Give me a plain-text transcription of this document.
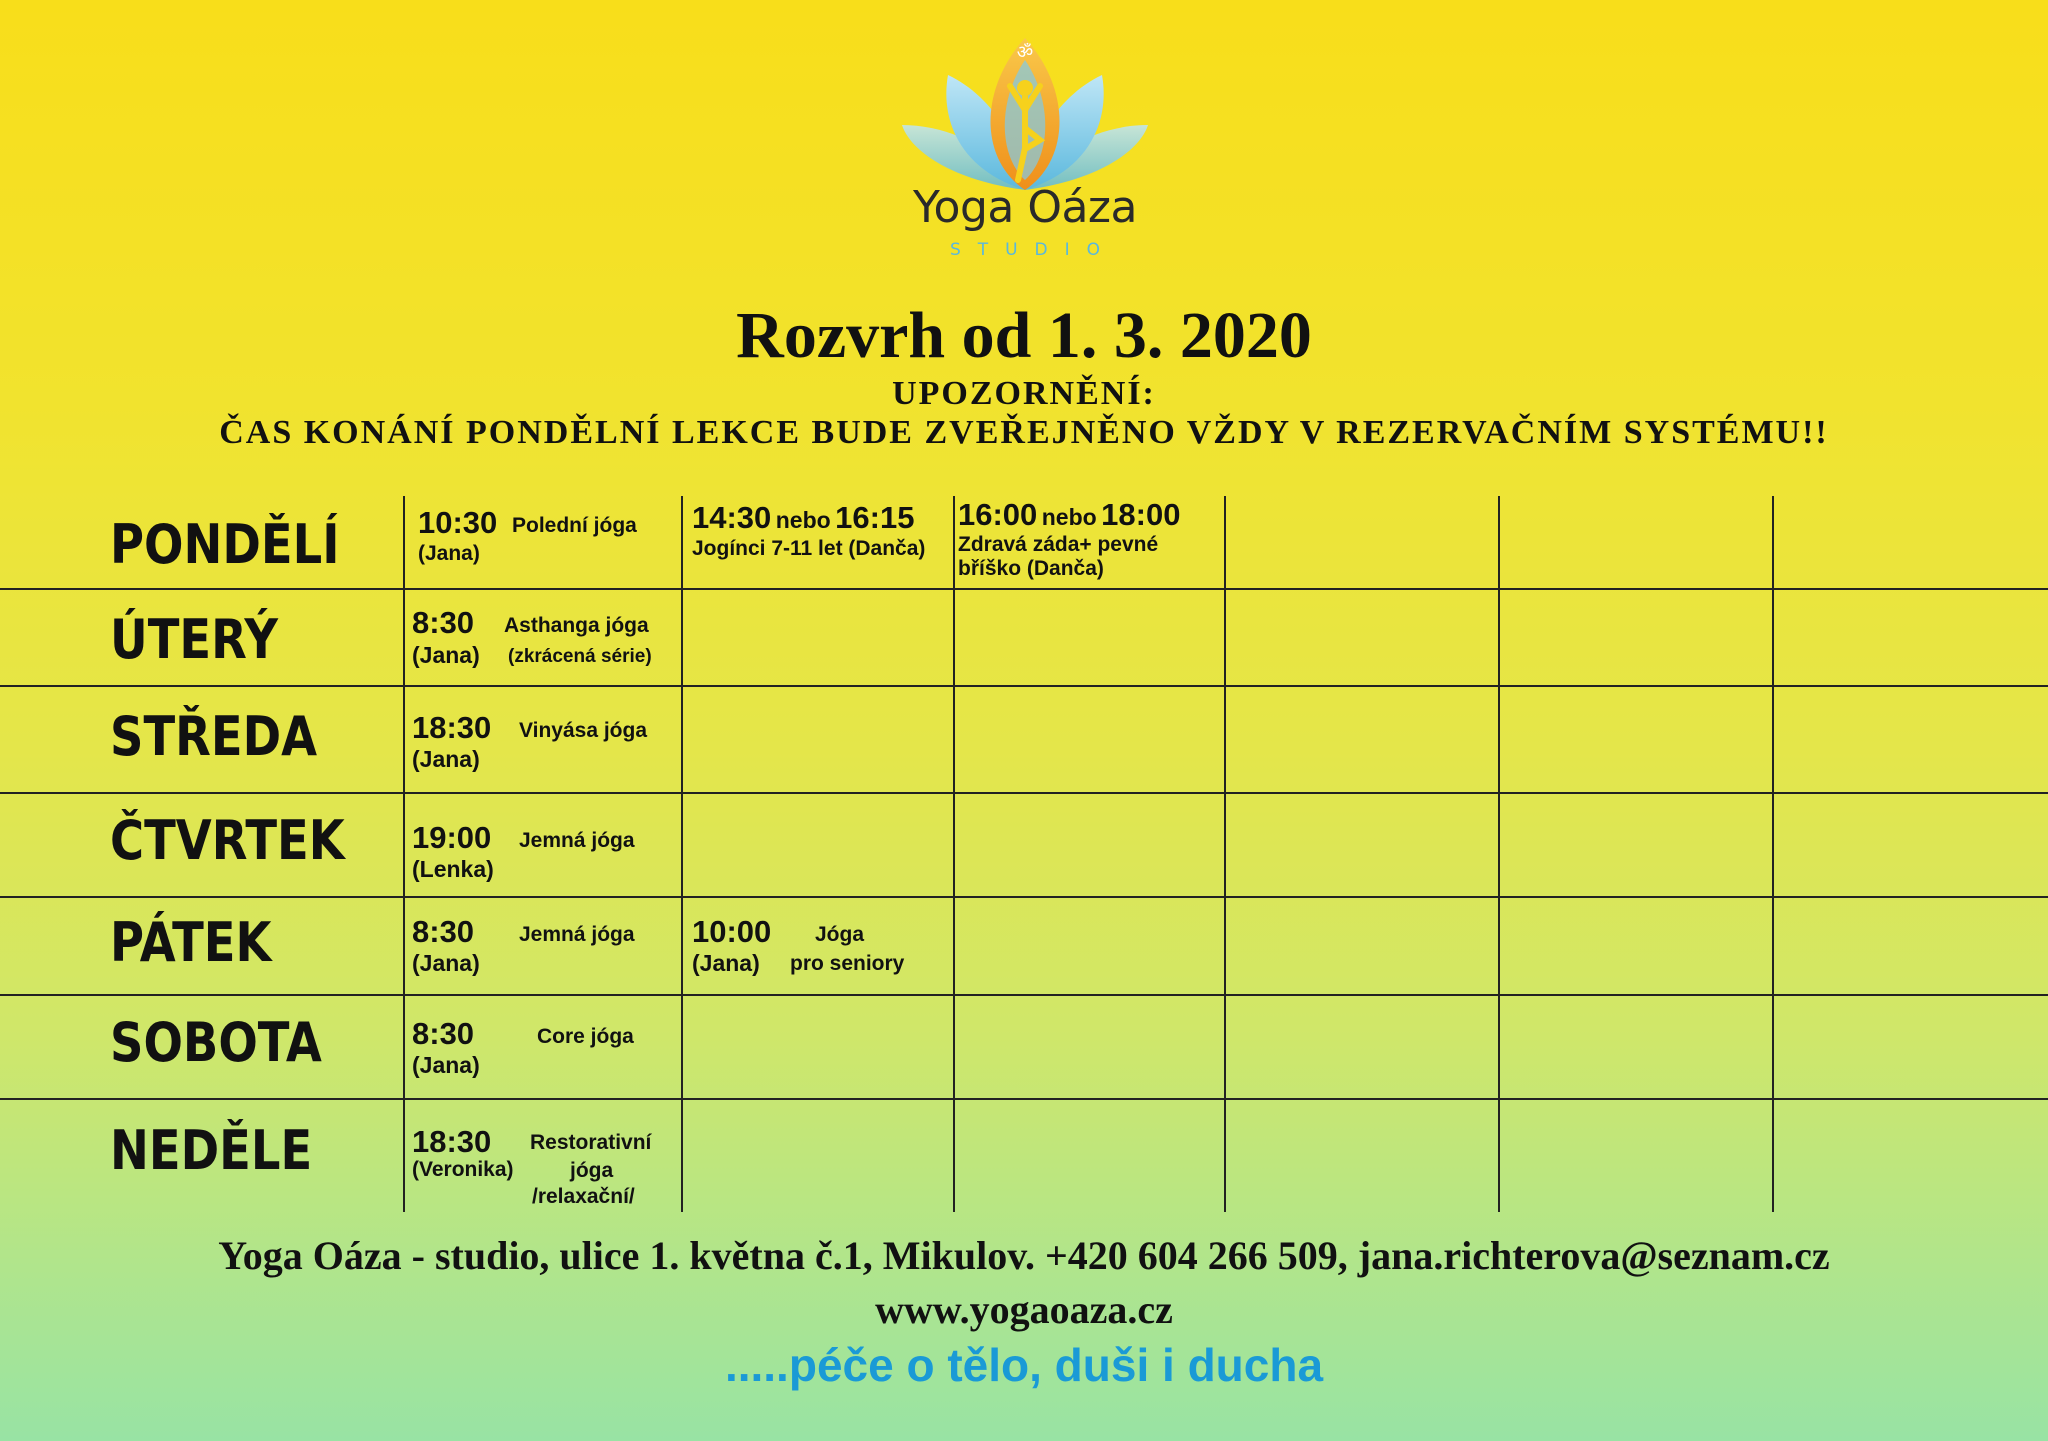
ॐ
Yoga Oáza
STUDIO
Rozvrh od 1. 3. 2020
UPOZORNĚNÍ:
ČAS KONÁNÍ PONDĚLNÍ LEKCE BUDE ZVEŘEJNĚNO VŽDY V REZERVAČNÍM SYSTÉMU!!
PONDĚLÍ
ÚTERÝ
STŘEDA
ČTVRTEK
PÁTEK
SOBOTA
NEDĚLE
10:30 Polední jóga
(Jana)
14:30 nebo 16:15
Jogínci 7-11 let (Danča)
16:00 nebo 18:00
Zdravá záda+ pevné
bříško (Danča)
8:30 Asthanga jóga
(Jana) (zkrácená série)
18:30 Vinyása jóga
(Jana)
19:00 Jemná jóga
(Lenka)
8:30 Jemná jóga
(Jana)
10:00 Jóga
(Jana) pro seniory
8:30	Core jóga
(Jana)
18:30
(Veronika)
Restorativní
jóga
/relaxační/
Yoga Oáza - studio, ulice 1. května č.1, Mikulov. +420 604 266 509, jana.richterova@seznam.cz
www.yogaoaza.cz
.....péče o tělo, duši i ducha
